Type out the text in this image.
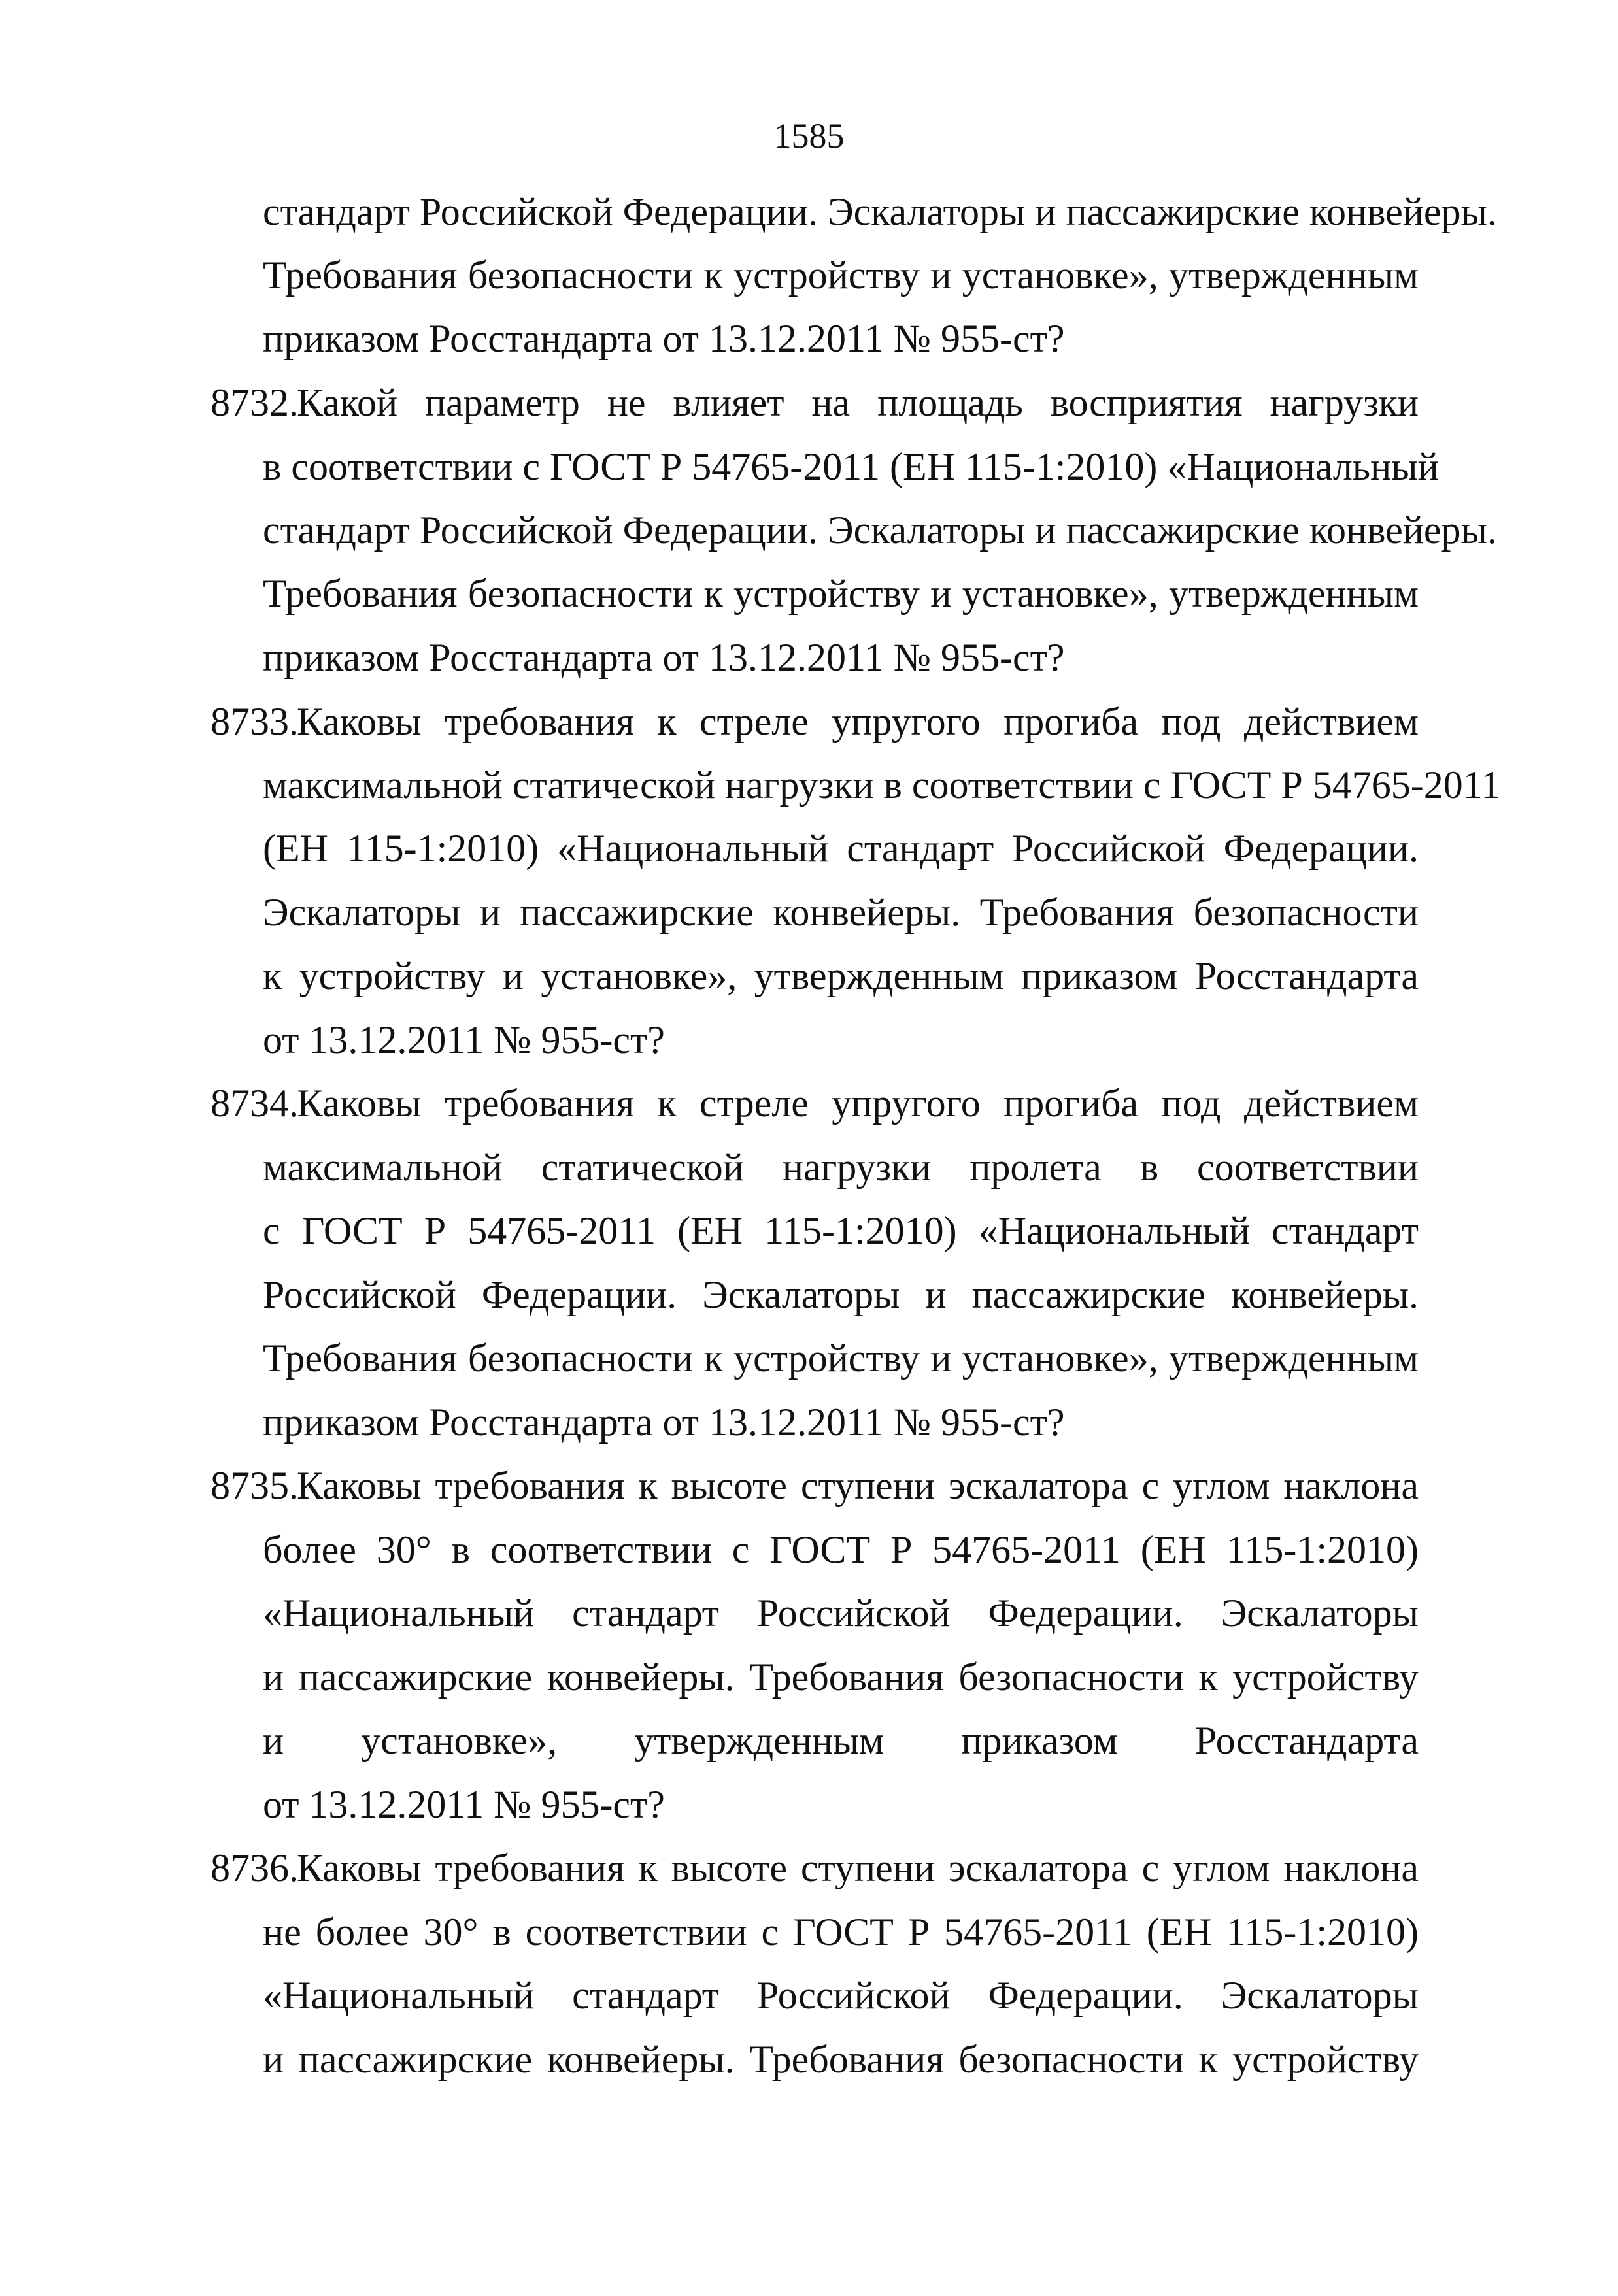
1585
стандарт Российской Федерации. Эскалаторы и пассажирские конвейеры.
Требования безопасности к устройству и установке», утвержденным
приказом Росстандарта от 13.12.2011 № 955-ст?
8732.Какой параметр не влияет на площадь восприятия нагрузки
в соответствии с ГОСТ Р 54765-2011 (ЕН 115-1:2010) «Национальный
стандарт Российской Федерации. Эскалаторы и пассажирские конвейеры.
Требования безопасности к устройству и установке», утвержденным
приказом Росстандарта от 13.12.2011 № 955-ст?
8733.Каковы требования к стреле упругого прогиба под действием
максимальной статической нагрузки в соответствии с ГОСТ Р 54765-2011
(ЕН 115-1:2010) «Национальный стандарт Российской Федерации.
Эскалаторы и пассажирские конвейеры. Требования безопасности
к устройству и установке», утвержденным приказом Росстандарта
от 13.12.2011 № 955-ст?
8734.Каковы требования к стреле упругого прогиба под действием
максимальной статической нагрузки пролета в соответствии
с ГОСТ Р 54765-2011 (ЕН 115-1:2010) «Национальный стандарт
Российской Федерации. Эскалаторы и пассажирские конвейеры.
Требования безопасности к устройству и установке», утвержденным
приказом Росстандарта от 13.12.2011 № 955-ст?
8735.Каковы требования к высоте ступени эскалатора с углом наклона
более 30° в соответствии с ГОСТ Р 54765-2011 (ЕН 115-1:2010)
«Национальный стандарт Российской Федерации. Эскалаторы
и пассажирские конвейеры. Требования безопасности к устройству
и установке», утвержденным приказом Росстандарта
от 13.12.2011 № 955-ст?
8736.Каковы требования к высоте ступени эскалатора с углом наклона
не более 30° в соответствии с ГОСТ Р 54765-2011 (ЕН 115-1:2010)
«Национальный стандарт Российской Федерации. Эскалаторы
и пассажирские конвейеры. Требования безопасности к устройству
